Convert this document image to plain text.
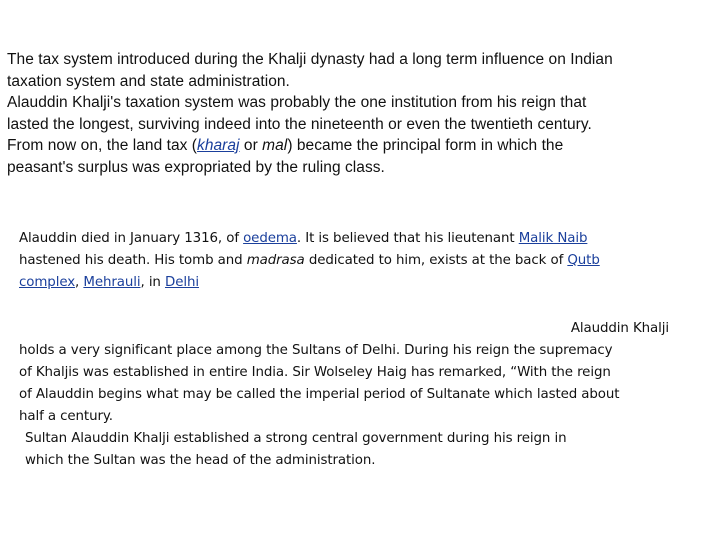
The tax system introduced during the Khalji dynasty had a long term influence on Indian

taxation system and state administration.

Alauddin Khalji's taxation system was probably the one institution from his reign that

lasted the longest, surviving indeed into the nineteenth or even the twentieth century.

From now on, the land tax (kharaj or mal) became the principal form in which the

peasant's surplus was expropriated by the ruling class.

Alauddin died in January 1316, of oedema. It is believed that his lieutenant Malik Naib

hastened his death. His tomb and madrasa dedicated to him, exists at the back of Qutb

complex, Mehrauli, in Delhi

Alauddin Khalji

holds a very significant place among the Sultans of Delhi. During his reign the supremacy

of Khaljis was established in entire India. Sir Wolseley Haig has remarked, “With the reign

of Alauddin begins what may be called the imperial period of Sultanate which lasted about

half a century.

Sultan Alauddin Khalji established a strong central government during his reign in

which the Sultan was the head of the administration.
